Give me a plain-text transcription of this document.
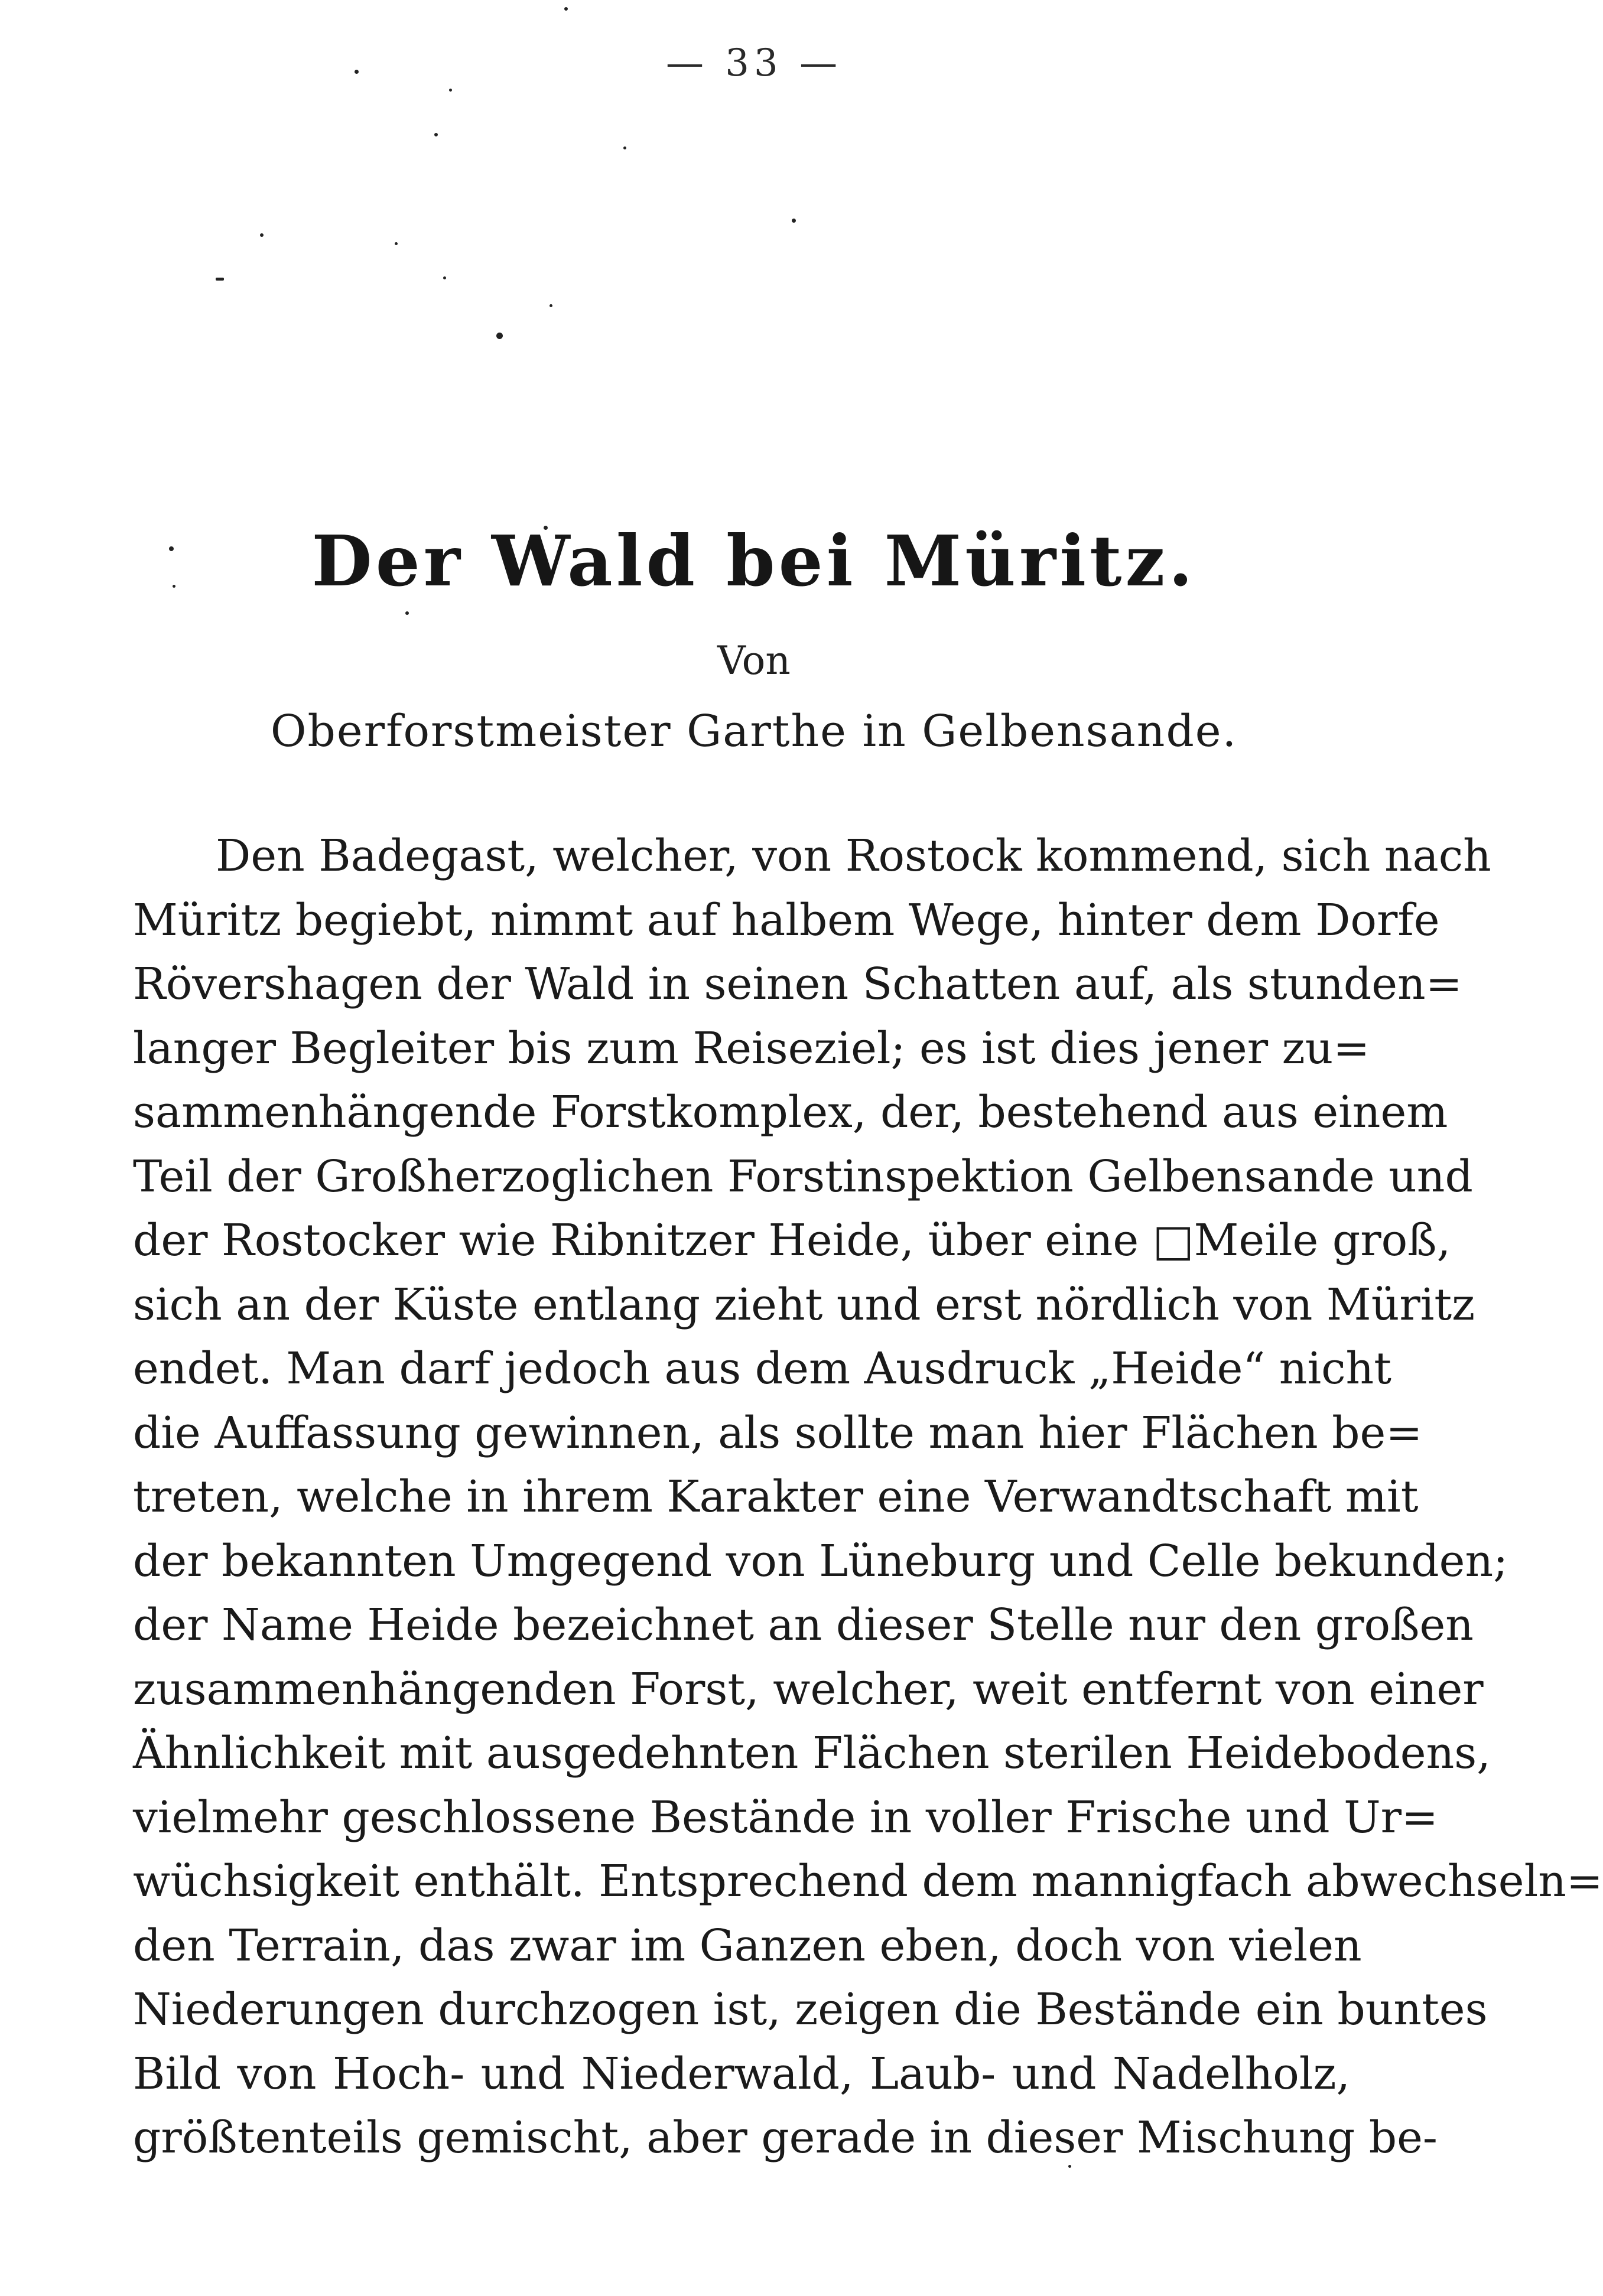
— 33 —
Der Wald bei Müritz.
Von
Oberforstmeister Garthe in Gelbensande.
Den Badegast, welcher, von Rostock kommend, sich nach
Müritz begiebt, nimmt auf halbem Wege, hinter dem Dorfe
Rövershagen der Wald in seinen Schatten auf, als stunden=
langer Begleiter bis zum Reiseziel; es ist dies jener zu=
sammenhängende Forstkomplex, der, bestehend aus einem
Teil der Großherzoglichen Forstinspektion Gelbensande und
der Rostocker wie Ribnitzer Heide, über eine □Meile groß,
sich an der Küste entlang zieht und erst nördlich von Müritz
endet. Man darf jedoch aus dem Ausdruck „Heide“ nicht
die Auffassung gewinnen, als sollte man hier Flächen be=
treten, welche in ihrem Karakter eine Verwandtschaft mit
der bekannten Umgegend von Lüneburg und Celle bekunden;
der Name Heide bezeichnet an dieser Stelle nur den großen
zusammenhängenden Forst, welcher, weit entfernt von einer
Ähnlichkeit mit ausgedehnten Flächen sterilen Heidebodens,
vielmehr geschlossene Bestände in voller Frische und Ur=
wüchsigkeit enthält. Entsprechend dem mannigfach abwechseln=
den Terrain, das zwar im Ganzen eben, doch von vielen
Niederungen durchzogen ist, zeigen die Bestände ein buntes
Bild von Hoch- und Niederwald, Laub- und Nadelholz,
größtenteils gemischt, aber gerade in dieser Mischung be-
